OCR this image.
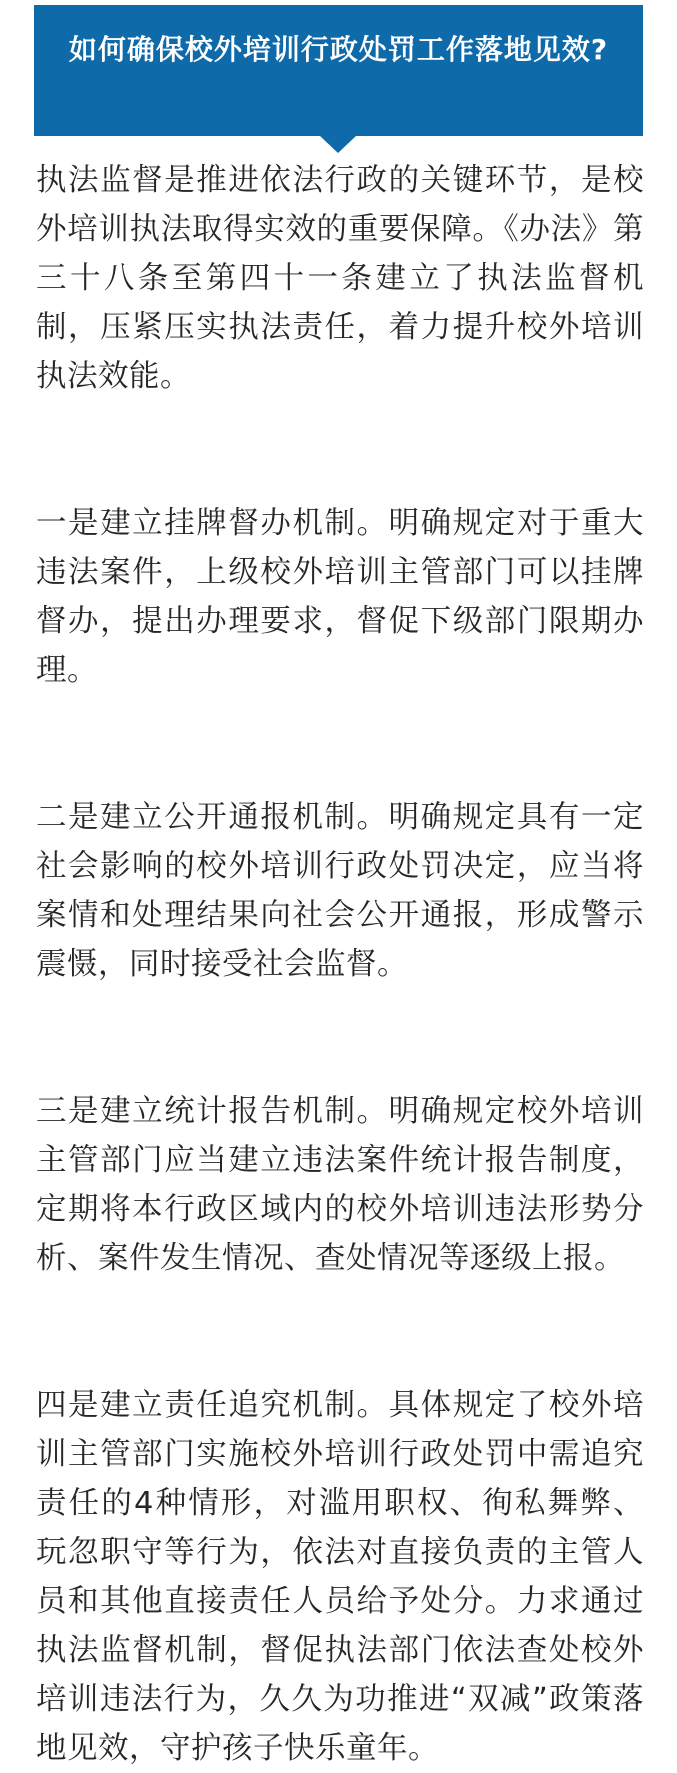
如何确保校外培训行政处罚工作落地见效?

执法监督是推进依法行政的关键环节，是校外培训执法取得实效的重要保障。《办法》第三十八条至第四十一条建立了执法监督机制，压紧压实执法责任，着力提升校外培训执法效能。

一是建立挂牌督办机制。明确规定对于重大违法案件，上级校外培训主管部门可以挂牌督办，提出办理要求，督促下级部门限期办理。

二是建立公开通报机制。明确规定具有一定社会影响的校外培训行政处罚决定，应当将案情和处理结果向社会公开通报，形成警示震慑，同时接受社会监督。

三是建立统计报告机制。明确规定校外培训主管部门应当建立违法案件统计报告制度，定期将本行政区域内的校外培训违法形势分析、案件发生情况、查处情况等逐级上报。

四是建立责任追究机制。具体规定了校外培训主管部门实施校外培训行政处罚中需追究责任的4种情形，对滥用职权、徇私舞弊、玩忽职守等行为，依法对直接负责的主管人员和其他直接责任人员给予处分。力求通过执法监督机制，督促执法部门依法查处校外培训违法行为，久久为功推进“双减”政策落地见效，守护孩子快乐童年。
